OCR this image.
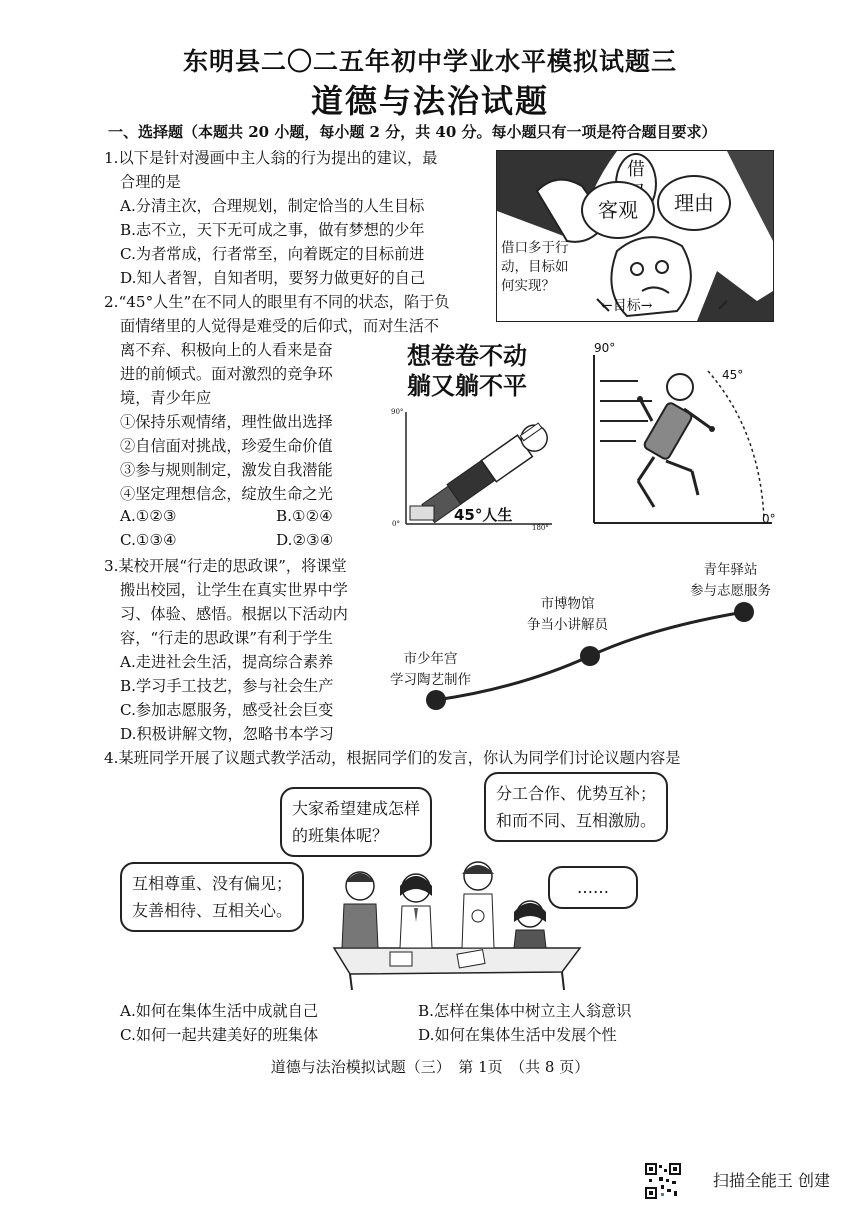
东明县二〇二五年初中学业水平模拟试题三
道德与法治试题
一、选择题（本题共 20 小题，每小题 2 分，共 40 分。每小题只有一项是符合题目要求）
1.以下是针对漫画中主人翁的行为提出的建议，最
合理的是
A.分清主次，合理规划，制定恰当的人生目标
B.志不立，天下无可成之事，做有梦想的少年
C.为者常成，行者常至，向着既定的目标前进
D.知人者智，自知者明，要努力做更好的自己
借
客观	理由
借口多于行
动，目标如
何实现？
←目标→
2.“45°人生”在不同人的眼里有不同的状态，陷于负
面情绪里的人觉得是难受的后仰式，而对生活不
离不弃、积极向上的人看来是奋
进的前倾式。面对激烈的竞争环
境，青少年应
①保持乐观情绪，理性做出选择
②自信面对挑战，珍爱生命价值
③参与规则制定，激发自我潜能
④坚定理想信念，绽放生命之光
A.①②③	B.①②④
C.①③④	D.②③④
想卷卷不动
躺又躺不平
90°
0°	180°
45°人生
90°
45°
0°
3.某校开展“行走的思政课”，将课堂
搬出校园，让学生在真实世界中学
习、体验、感悟。根据以下活动内
容，“行走的思政课”有利于学生
A.走进社会生活，提高综合素养
B.学习手工技艺，参与社会生产
C.参加志愿服务，感受社会巨变
D.积极讲解文物，忽略书本学习
市少年宫
学习陶艺制作
市博物馆
争当小讲解员
青年驿站
参与志愿服务
4.某班同学开展了议题式教学活动，根据同学们的发言，你认为同学们讨论议题内容是
大家希望建成怎样
的班集体呢？
分工合作、优势互补；
和而不同、互相激励。
互相尊重、没有偏见；
友善相待、互相关心。
……
A.如何在集体生活中成就自己	B.怎样在集体中树立主人翁意识
C.如何一起共建美好的班集体	D.如何在集体生活中发展个性
道德与法治模拟试题（三）　第 1页　（共 8 页）
扫描全能王 创建
